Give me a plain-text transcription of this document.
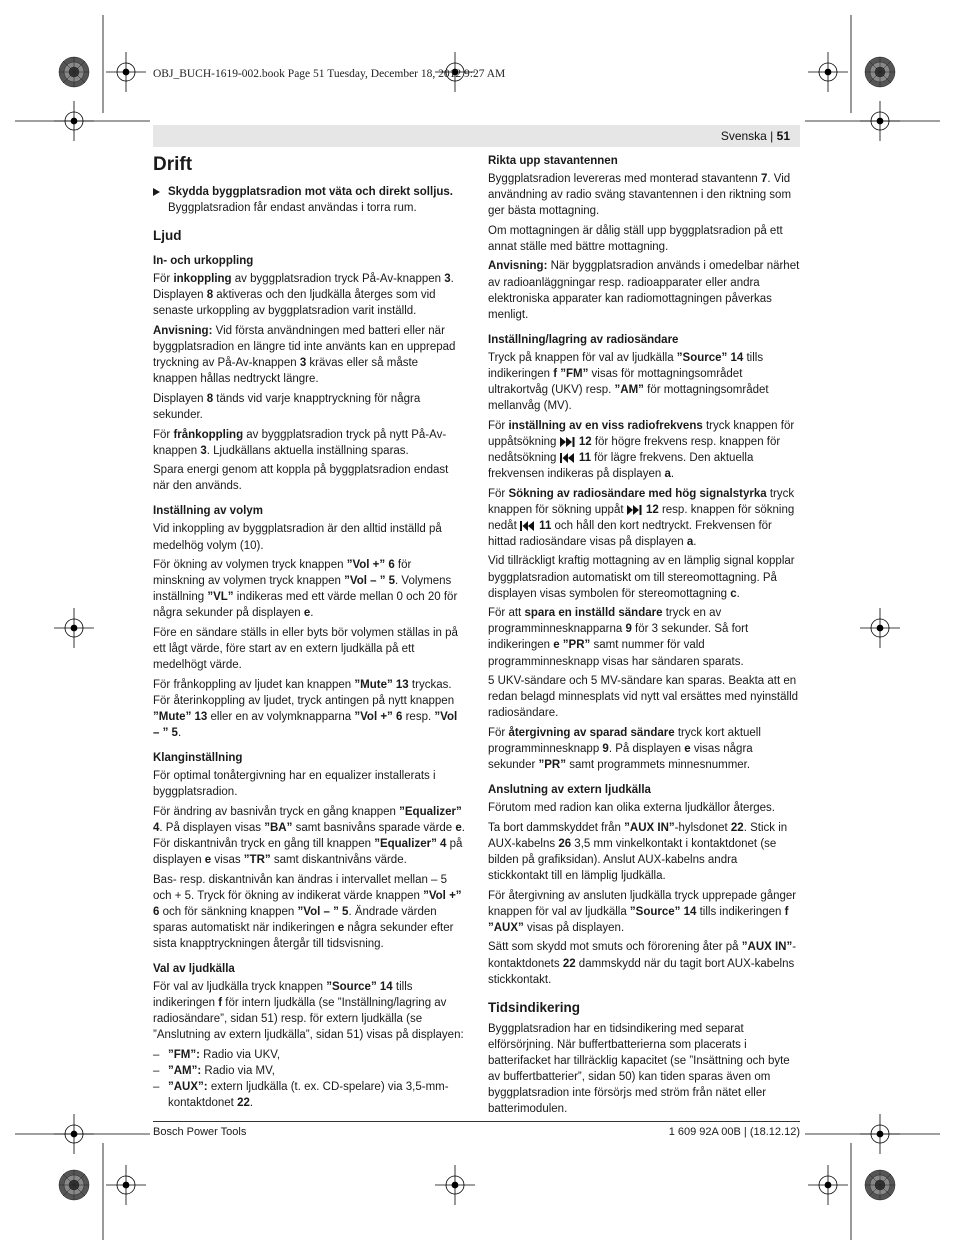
OBJ_BUCH-1619-002.book Page 51 Tuesday, December 18, 2012 9:27 AM
Svenska | 51
Drift

Skydda byggplatsradion mot väta och direkt solljus.
Byggplatsradion får endast användas i torra rum.

Ljud
In- och urkoppling

För inkoppling av byggplatsradion tryck På-Av-knappen 3. Displayen 8 aktiveras och den ljudkälla återges som vid senaste urkoppling av byggplatsradion varit inställd.

Anvisning: Vid första användningen med batteri eller när byggplatsradion en längre tid inte använts kan en upprepad tryckning av På-Av-knappen 3 krävas eller så måste knappen hållas nedtryckt längre.

Displayen 8 tänds vid varje knapptryckning för några sekunder.

För frånkoppling av byggplatsradion tryck på nytt På-Av-knappen 3. Ljudkällans aktuella inställning sparas.

Spara energi genom att koppla på byggplatsradion endast när den används.

Inställning av volym

Vid inkoppling av byggplatsradion är den alltid inställd på medelhög volym (10).

För ökning av volymen tryck knappen ”Vol +” 6 för minskning av volymen tryck knappen ”Vol – ” 5. Volymens inställning ”VL” indikeras med ett värde mellan 0 och 20 för några sekunder på displayen e.

Före en sändare ställs in eller byts bör volymen ställas in på ett lågt värde, före start av en extern ljudkälla på ett medelhögt värde.

För frånkoppling av ljudet kan knappen ”Mute” 13 tryckas. För återinkoppling av ljudet, tryck antingen på nytt knappen ”Mute” 13 eller en av volymknapparna ”Vol +” 6 resp. ”Vol – ” 5.

Klanginställning

För optimal tonåtergivning har en equalizer installerats i byggplatsradion.

För ändring av basnivån tryck en gång knappen ”Equalizer” 4. På displayen visas ”BA” samt basnivåns sparade värde e. För diskantnivån tryck en gång till knappen ”Equalizer” 4 på displayen e visas ”TR” samt diskantnivåns värde.

Bas- resp. diskantnivån kan ändras i intervallet mellan – 5 och + 5. Tryck för ökning av indikerat värde knappen ”Vol +” 6 och för sänkning knappen ”Vol – ” 5. Ändrade värden sparas automatiskt när indikeringen e några sekunder efter sista knapptryckningen återgår till tidsvisning.

Val av ljudkälla

För val av ljudkälla tryck knappen ”Source” 14 tills indikeringen f för intern ljudkälla (se ”Inställning/lagring av radiosändare”, sidan 51) resp. för extern ljudkälla (se ”Anslutning av extern ljudkälla”, sidan 51) visas på displayen:

– ”FM”: Radio via UKV,
– ”AM”: Radio via MV,
– ”AUX”: extern ljudkälla (t. ex. CD-spelare) via 3,5-mm-kontaktdonet 22.
Rikta upp stavantennen

Byggplatsradion levereras med monterad stavantenn 7. Vid användning av radio sväng stavantennen i den riktning som ger bästa mottagning.

Om mottagningen är dålig ställ upp byggplatsradion på ett annat ställe med bättre mottagning.

Anvisning: När byggplatsradion används i omedelbar närhet av radioanläggningar resp. radioapparater eller andra elektroniska apparater kan radiomottagningen påverkas menligt.

Inställning/lagring av radiosändare

Tryck på knappen för val av ljudkälla ”Source” 14 tills indikeringen f ”FM” visas för mottagningsområdet ultrakortvåg (UKV) resp. ”AM” för mottagningsområdet mellanvåg (MV).

För inställning av en viss radiofrekvens tryck knappen för uppåtsökning  12 för högre frekvens resp. knappen för nedåtsökning  11 för lägre frekvens. Den aktuella frekvensen indikeras på displayen a.

För Sökning av radiosändare med hög signalstyrka tryck knappen för sökning uppåt  12 resp. knappen för sökning nedåt  11 och håll den kort nedtryckt. Frekvensen för hittad radiosändare visas på displayen a.

Vid tillräckligt kraftig mottagning av en lämplig signal kopplar byggplatsradion automatiskt om till stereomottagning. På displayen visas symbolen för stereomottagning c.

För att spara en inställd sändare tryck en av programminnesknapparna 9 för 3 sekunder. Så fort indikeringen e ”PR” samt nummer för vald programminnesknapp visas har sändaren sparats.

5 UKV-sändare och 5 MV-sändare kan sparas. Beakta att en redan belagd minnesplats vid nytt val ersättes med nyinställd radiosändare.

För återgivning av sparad sändare tryck kort aktuell programminnesknapp 9. På displayen e visas några sekunder ”PR” samt programmets minnesnummer.

Anslutning av extern ljudkälla

Förutom med radion kan olika externa ljudkällor återges.

Ta bort dammskyddet från ”AUX IN”-hylsdonet 22. Stick in AUX-kabelns 26 3,5 mm vinkelkontakt i kontaktdonet (se bilden på grafiksidan). Anslut AUX-kabelns andra stickkontakt till en lämplig ljudkälla.

För återgivning av ansluten ljudkälla tryck upprepade gånger knappen för val av ljudkälla ”Source” 14 tills indikeringen f ”AUX” visas på displayen.

Sätt som skydd mot smuts och förorening åter på ”AUX IN”-kontaktdonets 22 dammskydd när du tagit bort AUX-kabelns stickkontakt.

Tidsindikering

Byggplatsradion har en tidsindikering med separat elförsörjning. När buffertbatterierna som placerats i batterifacket har tillräcklig kapacitet (se ”Insättning och byte av buffertbatterier”, sidan 50) kan tiden sparas även om byggplatsradion inte försörjs med ström från nätet eller batterimodulen.

Bosch Power Tools	1 609 92A 00B | (18.12.12)
